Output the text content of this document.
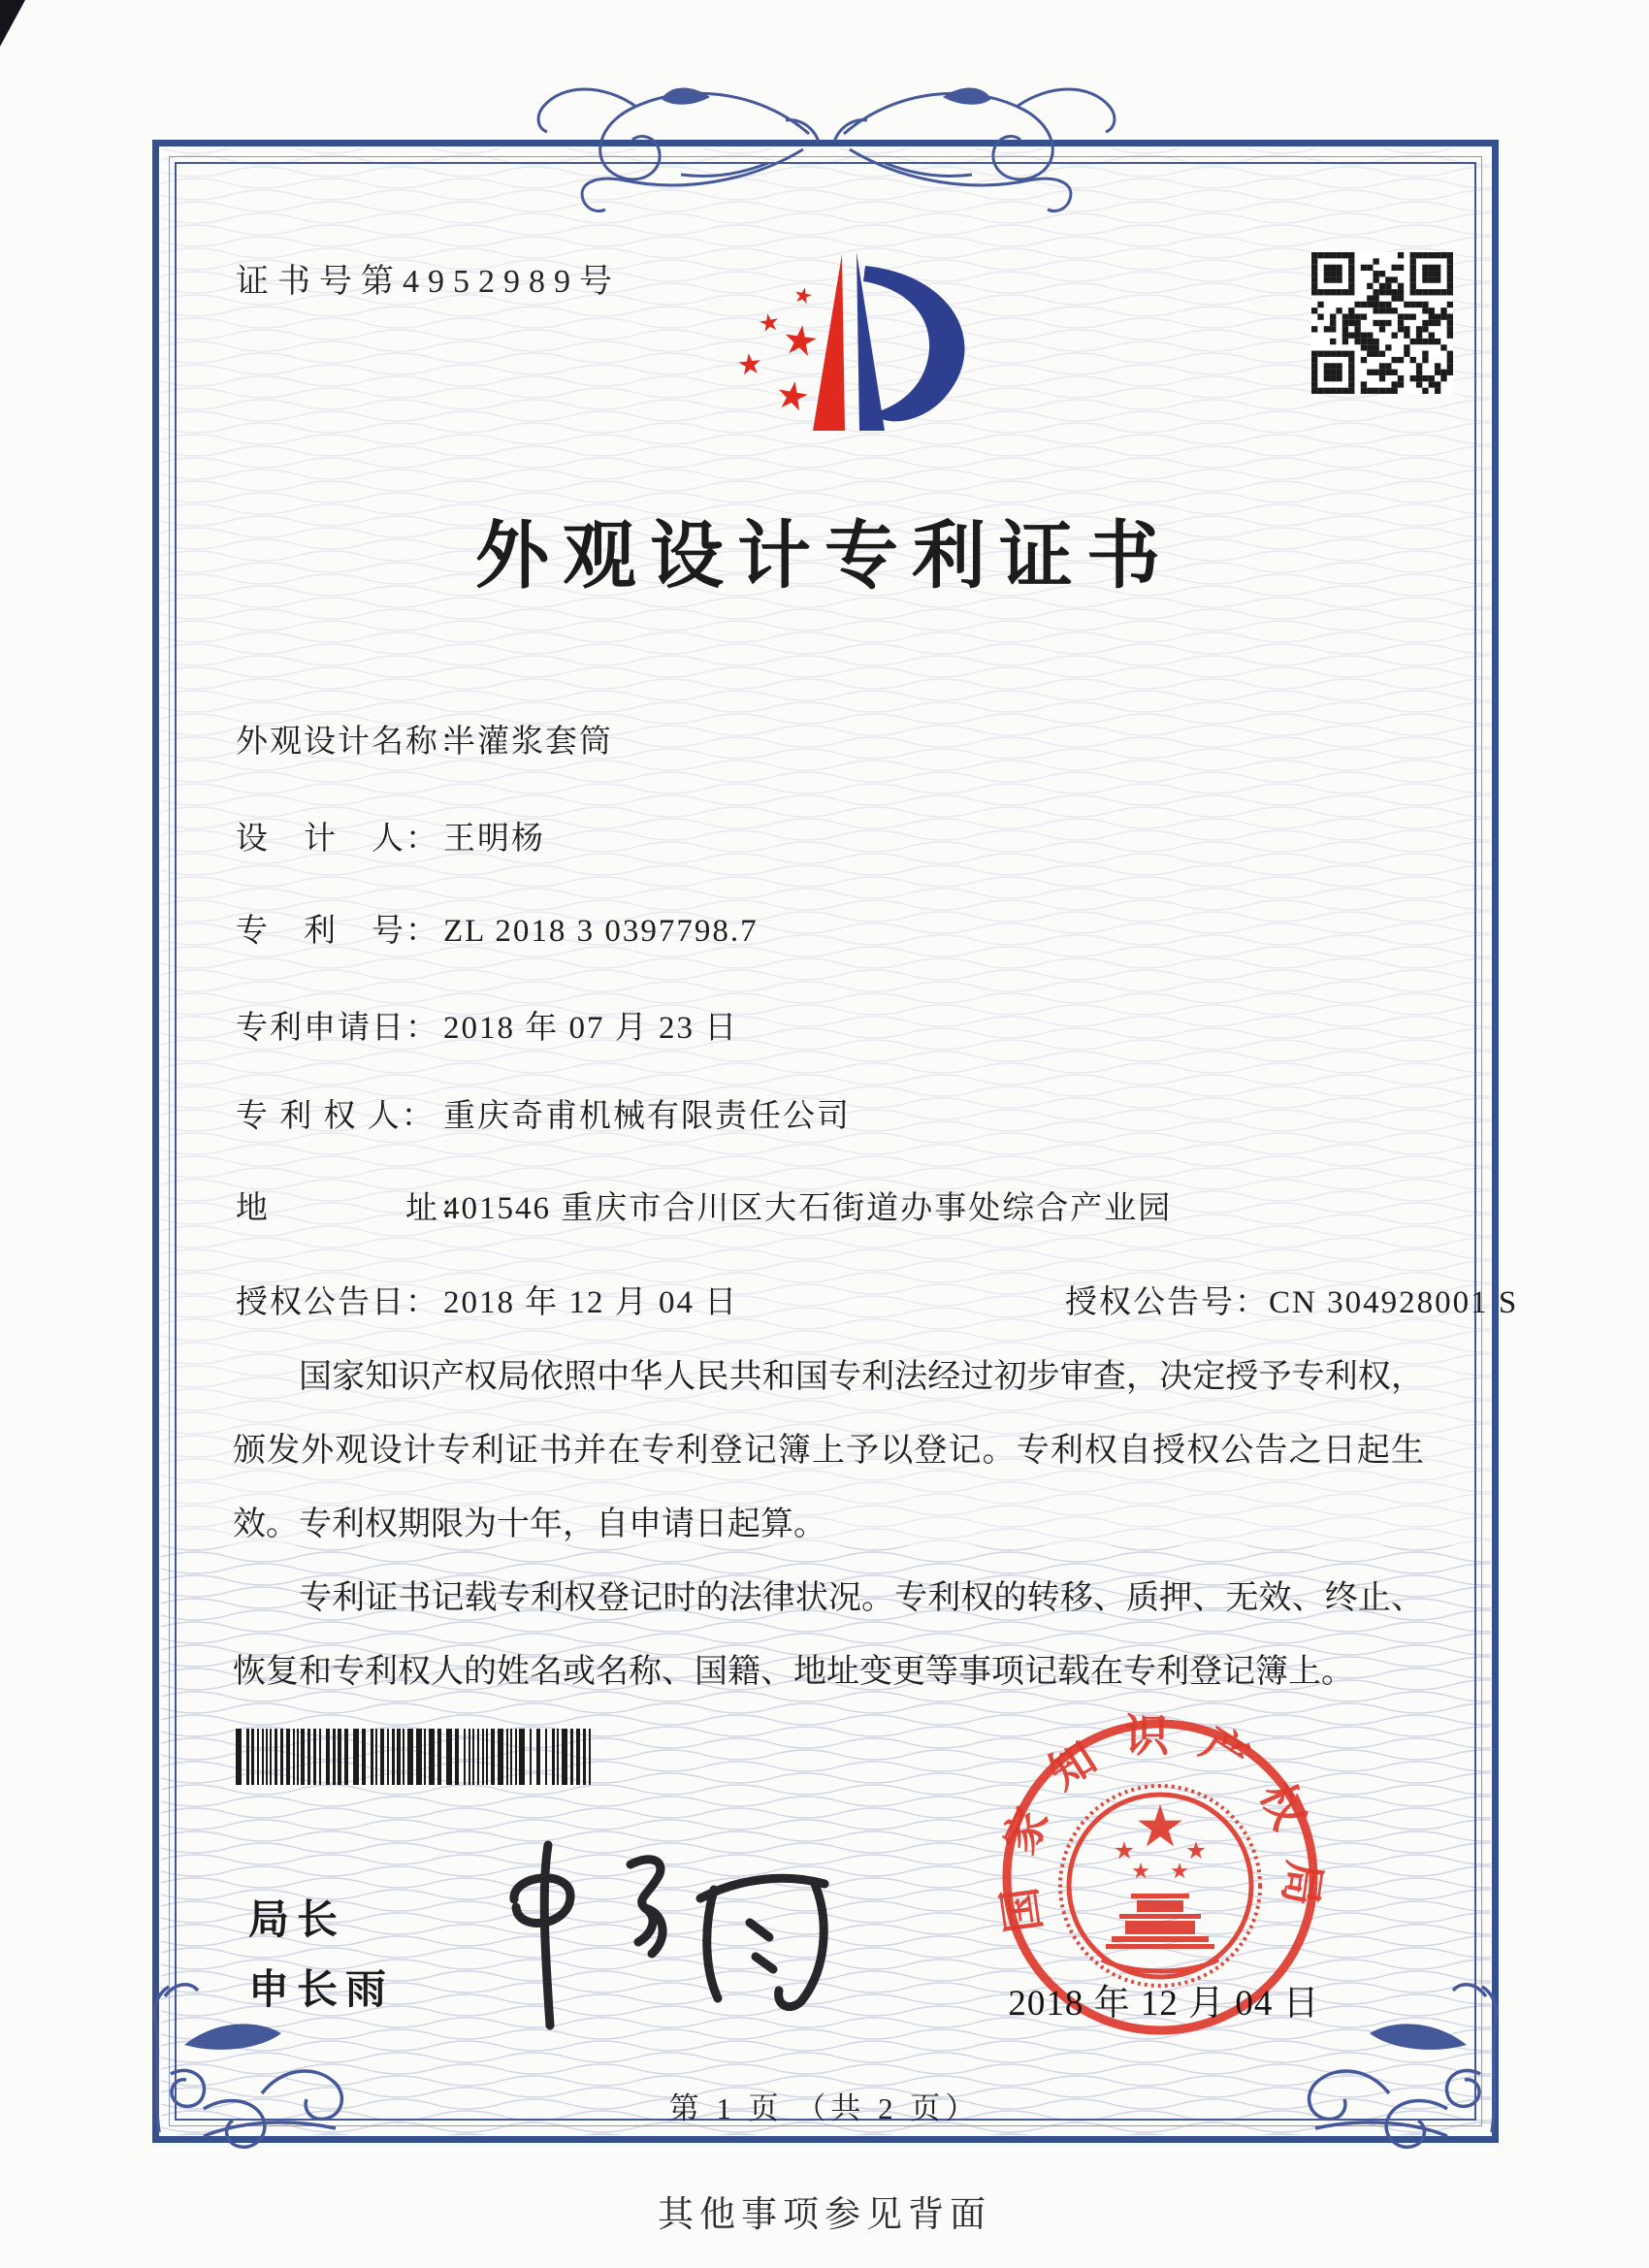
证书号第4952989号
外观设计专利证书
外观设计名称：半灌浆套筒
设　计　人： 王明杨
专　利　号： ZL 2018 3 0397798.7
专利申请日： 2018 年 07 月 23 日
专 利 权 人： 重庆奇甫机械有限责任公司
地　　　　址：401546 重庆市合川区大石街道办事处综合产业园
授权公告日： 2018 年 12 月 04 日	授权公告号：CN 304928001 S

国家知识产权局依照中华人民共和国专利法经过初步审查，决定授予专利权，颁发外观设计专利证书并在专利登记簿上予以登记。专利权自授权公告之日起生效。专利权期限为十年，自申请日起算。

专利证书记载专利权登记时的法律状况。专利权的转移、质押、无效、终止、恢复和专利权人的姓名或名称、国籍、地址变更等事项记载在专利登记簿上。

局长
申长雨
国家知识产权局
2018 年 12 月 04 日
第 1 页 （共 2 页）
其他事项参见背面
